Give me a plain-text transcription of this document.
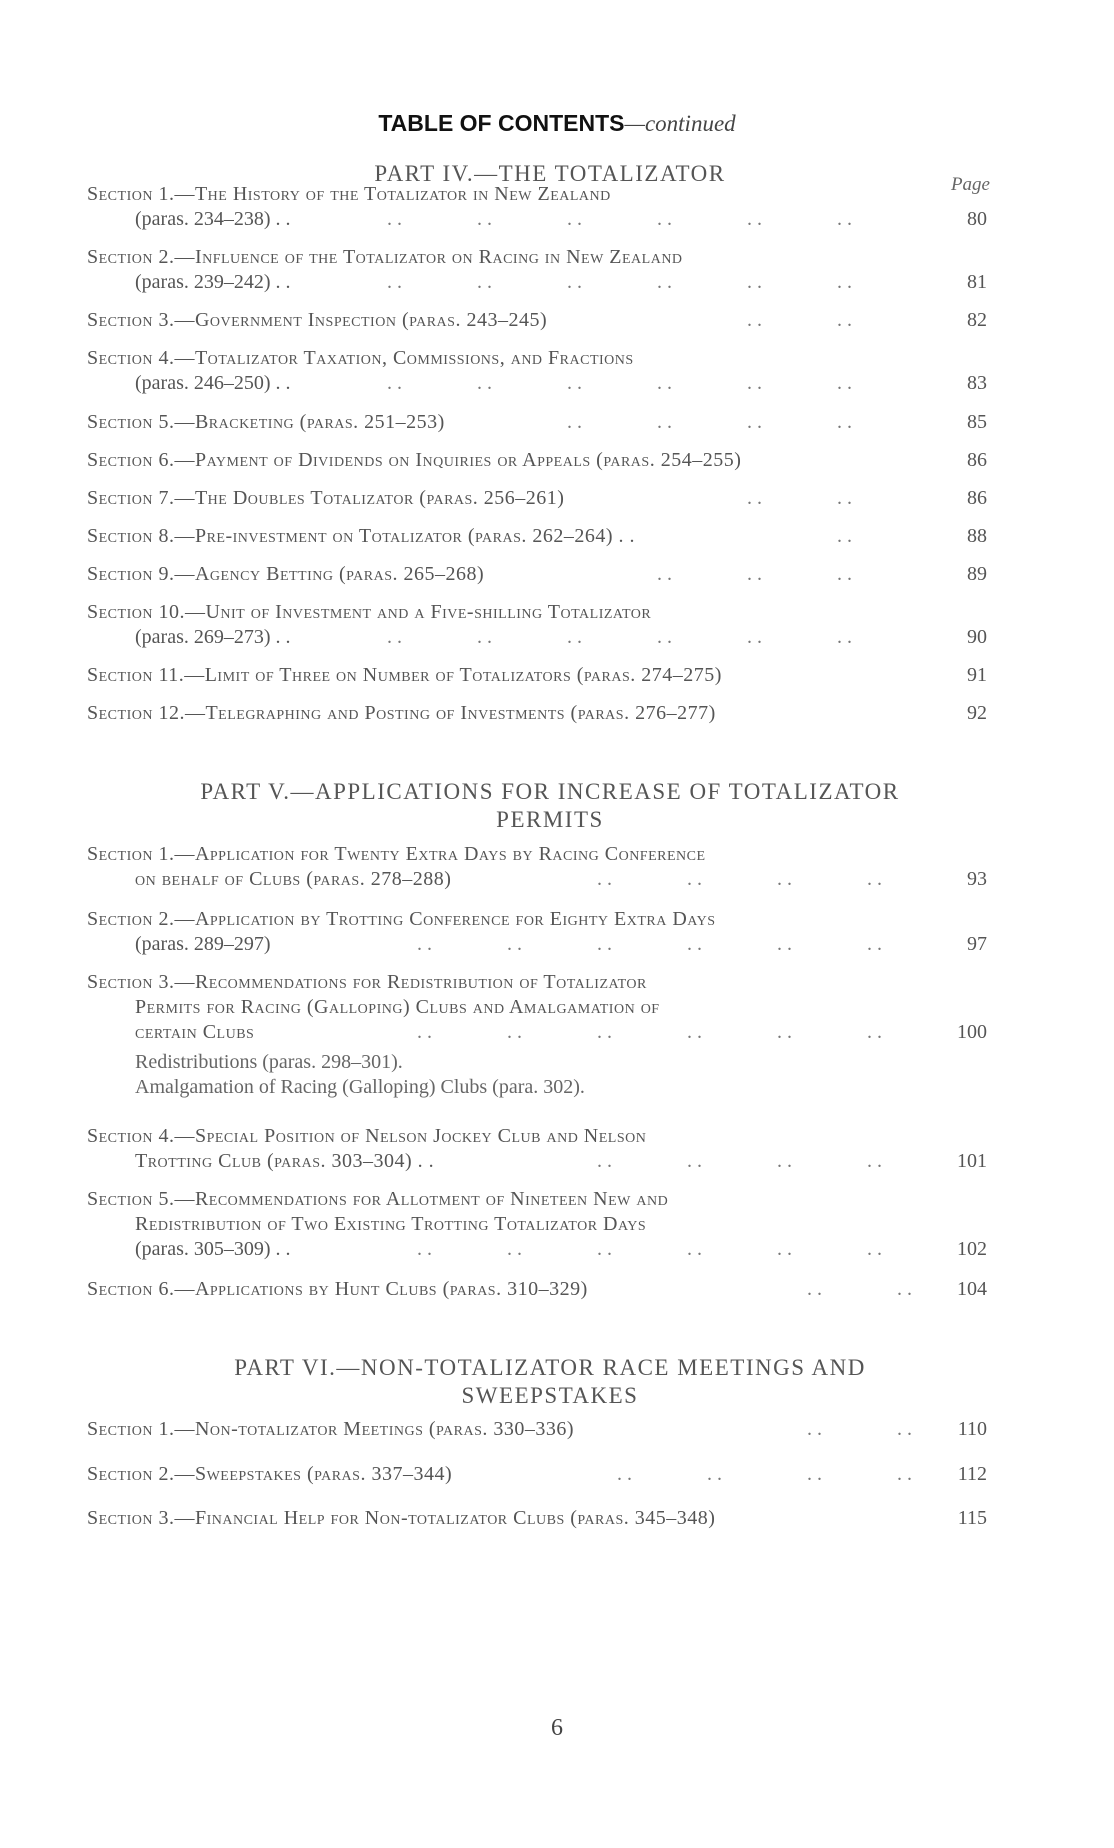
TABLE OF CONTENTS—continued
PART IV.—THE TOTALIZATOR	Page
Section 1.—The History of the Totalizator in New Zealand
(paras. 234–238) . .	. .	. .	. .	. .	. .	. .	80
Section 2.—Influence of the Totalizator on Racing in New Zealand
(paras. 239–242) . .	. .	. .	. .	. .	. .	. .	81
Section 3.—Government Inspection (paras. 243–245)	. .	. .	82
Section 4.—Totalizator Taxation, Commissions, and Fractions
(paras. 246–250) . .	. .	. .	. .	. .	. .	. .	83
Section 5.—Bracketing (paras. 251–253)	. .	. .	. .	. .	85
Section 6.—Payment of Dividends on Inquiries or Appeals (paras. 254–255)	86
Section 7.—The Doubles Totalizator (paras. 256–261)	. .	. .	86
Section 8.—Pre-investment on Totalizator (paras. 262–264) . .	. .	88
Section 9.—Agency Betting (paras. 265–268)	. .	. .	. .	89
Section 10.—Unit of Investment and a Five-shilling Totalizator
(paras. 269–273) . .	. .	. .	. .	. .	. .	. .	90
Section 11.—Limit of Three on Number of Totalizators (paras. 274–275)	91
Section 12.—Telegraphing and Posting of Investments (paras. 276–277)	92
PART V.—APPLICATIONS FOR INCREASE OF TOTALIZATOR
PERMITS
Section 1.—Application for Twenty Extra Days by Racing Conference
on behalf of Clubs (paras. 278–288)	. .	. .	. .	. .	93
Section 2.—Application by Trotting Conference for Eighty Extra Days
(paras. 289–297)	. .	. .	. .	. .	. .	. .	97
Section 3.—Recommendations for Redistribution of Totalizator
Permits for Racing (Galloping) Clubs and Amalgamation of
certain Clubs	. .	. .	. .	. .	. .	. .	100
Redistributions (paras. 298–301).
Amalgamation of Racing (Galloping) Clubs (para. 302).
Section 4.—Special Position of Nelson Jockey Club and Nelson
Trotting Club (paras. 303–304) . .	. .	. .	. .	. .	101
Section 5.—Recommendations for Allotment of Nineteen New and
Redistribution of Two Existing Trotting Totalizator Days
(paras. 305–309) . .	. .	. .	. .	. .	. .	. .	102
Section 6.—Applications by Hunt Clubs (paras. 310–329)	. .	. .	104
PART VI.—NON-TOTALIZATOR RACE MEETINGS AND
SWEEPSTAKES
Section 1.—Non-totalizator Meetings (paras. 330–336)	. .	. .	110
Section 2.—Sweepstakes (paras. 337–344)	. .	. .	. .	. .	112
Section 3.—Financial Help for Non-totalizator Clubs (paras. 345–348)	115
6
